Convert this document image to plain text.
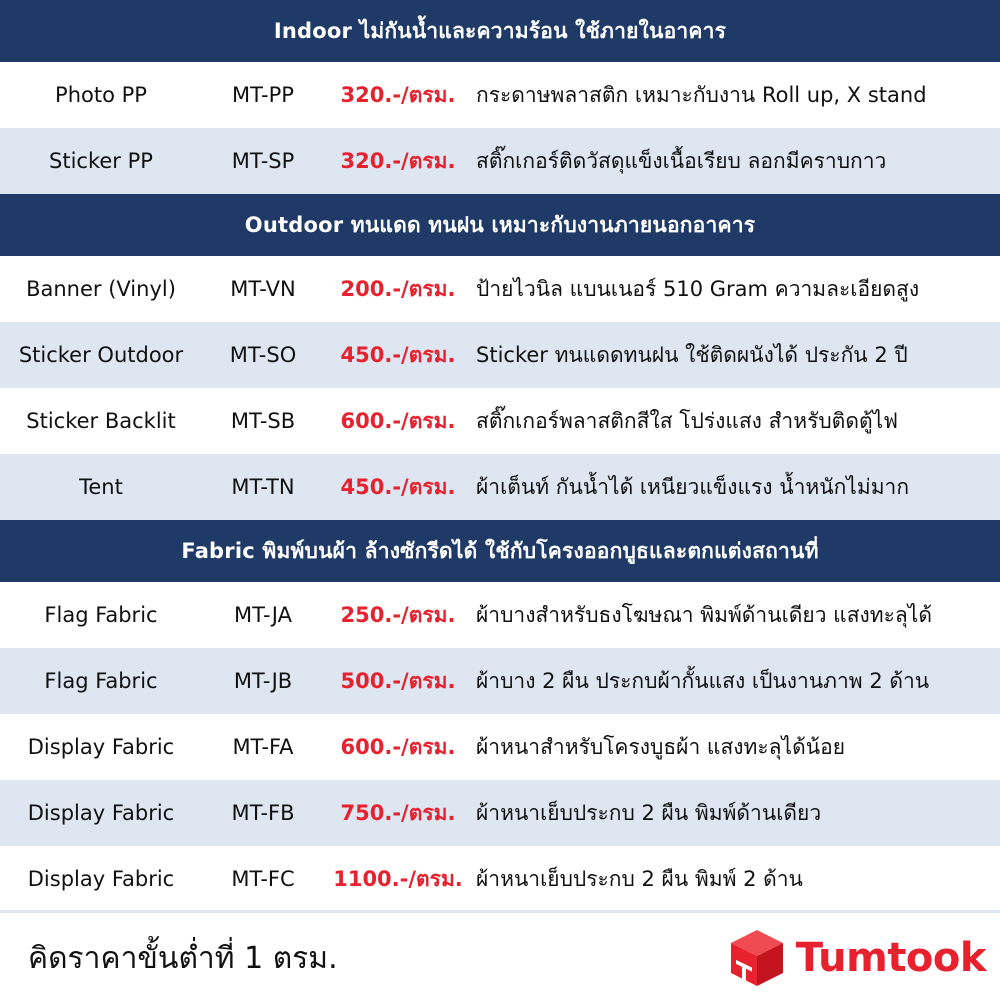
Indoor ไม่กันน้ำและความร้อน ใช้ภายในอาคาร
Photo PP	MT-PP	320.-/ตรม. กระดาษพลาสติก เหมาะกับงาน Roll up, X stand
Sticker PP	MT-SP	320.-/ตรม. สติ๊กเกอร์ติดวัสดุแข็งเนื้อเรียบ ลอกมีคราบกาว
Outdoor ทนแดด ทนฝน เหมาะกับงานภายนอกอาคาร
Banner (Vinyl)	MT-VN	200.-/ตรม. ป้ายไวนิล แบนเนอร์ 510 Gram ความละเอียดสูง
Sticker Outdoor	MT-SO	450.-/ตรม. Sticker ทนแดดทนฝน ใช้ติดผนังได้ ประกัน 2 ปี
Sticker Backlit	MT-SB	600.-/ตรม. สติ๊กเกอร์พลาสติกสีใส โปร่งแสง สำหรับติดตู้ไฟ
Tent	MT-TN	450.-/ตรม. ผ้าเต็นท์ กันน้ำได้ เหนียวแข็งแรง น้ำหนักไม่มาก
Fabric พิมพ์บนผ้า ล้างซักรีดได้ ใช้กับโครงออกบูธและตกแต่งสถานที่
Flag Fabric	MT-JA	250.-/ตรม. ผ้าบางสำหรับธงโฆษณา พิมพ์ด้านเดียว แสงทะลุได้
Flag Fabric	MT-JB	500.-/ตรม. ผ้าบาง 2 ผืน ประกบผ้ากั้นแสง เป็นงานภาพ 2 ด้าน
Display Fabric	MT-FA	600.-/ตรม. ผ้าหนาสำหรับโครงบูธผ้า แสงทะลุได้น้อย
Display Fabric	MT-FB	750.-/ตรม. ผ้าหนาเย็บประกบ 2 ผืน พิมพ์ด้านเดียว
Display Fabric	MT-FC	1100.-/ตรม. ผ้าหนาเย็บประกบ 2 ผืน พิมพ์ 2 ด้าน
คิดราคาขั้นต่ำที่ 1 ตรม.	Tumtook
